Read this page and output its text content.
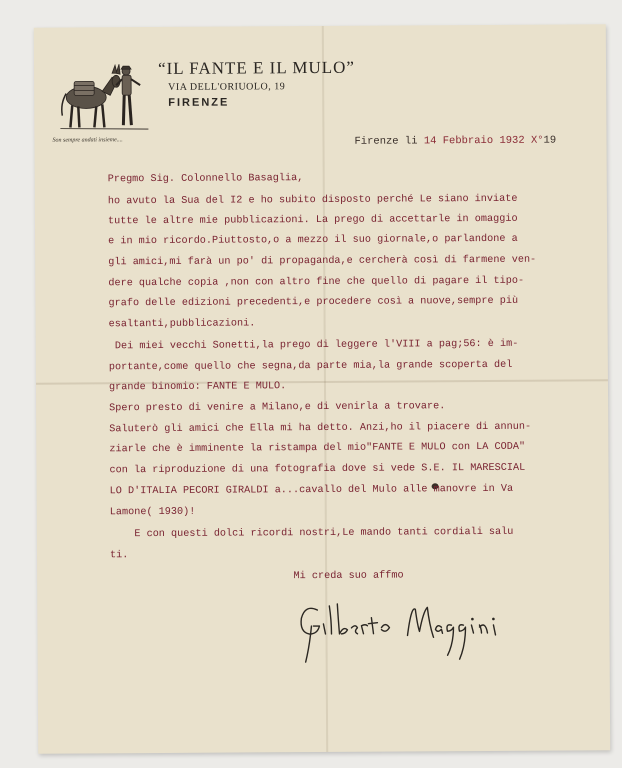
Son sempre andati insieme....
“IL FANTE E IL MULO”
VIA DELL'ORIUOLO, 19
FIRENZE
Firenze li 14 Febbraio 1932 X°19
Pregmo Sig. Colonnello Basaglia,
ho avuto la Sua del I2 e ho subito disposto perché Le siano inviate
tutte le altre mie pubblicazioni. La prego di accettarle in omaggio
e in mio ricordo.Piuttosto,o a mezzo il suo giornale,o parlandone a
gli amici,mi farà un po' di propaganda,e cercherà così di farmene ven-
dere qualche copia ,non con altro fine che quello di pagare il tipo-
grafo delle edizioni precedenti,e procedere così a nuove,sempre più
esaltanti,pubblicazioni.
Dei miei vecchi Sonetti,la prego di leggere l'VIII a pag;56: è im-
portante,come quello che segna,da parte mia,la grande scoperta del
grande binomio: FANTE E MULO.
Spero presto di venire a Milano,e di venirla a trovare.
Saluterò gli amici che Ella mi ha detto. Anzi,ho il piacere di annun-
ziarle che è imminente la ristampa del mio"FANTE E MULO con LA CODA"
con la riproduzione di una fotografia dove si vede S.E. IL MARESCIAL
LO D'ITALIA PECORI GIRALDI a...cavallo del Mulo alle manovre in Va
Lamone( 1930)!
E con questi dolci ricordi nostri,Le mando tanti cordiali salu
ti.
Mi creda suo affmo
